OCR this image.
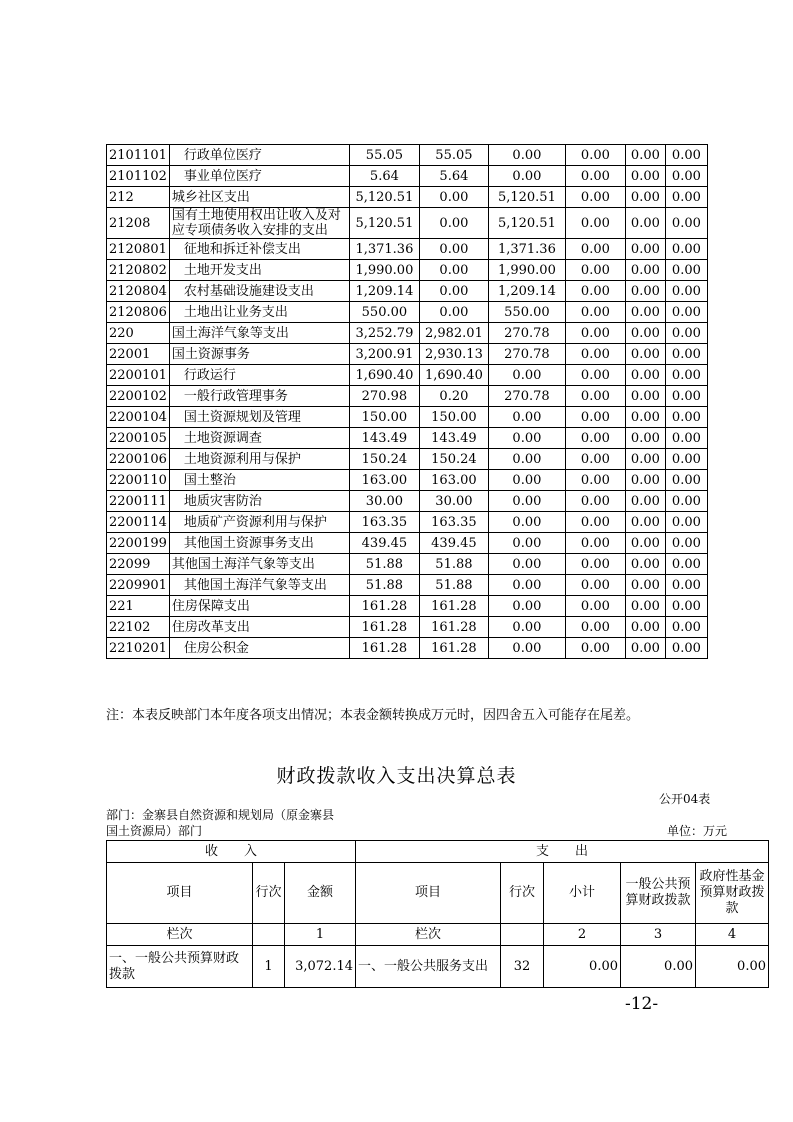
2101101	行政单位医疗	55.05	55.05	0.00	0.00	0.00	0.00
2101102	事业单位医疗	5.64	5.64	0.00	0.00	0.00	0.00
212	城乡社区支出	5,120.51	0.00	5,120.51	0.00	0.00	0.00
21208	国有土地使用权出让收入及对应专项债务收入安排的支出	5,120.51	0.00	5,120.51	0.00	0.00	0.00
2120801	征地和拆迁补偿支出	1,371.36	0.00	1,371.36	0.00	0.00	0.00
2120802	土地开发支出	1,990.00	0.00	1,990.00	0.00	0.00	0.00
2120804	农村基础设施建设支出	1,209.14	0.00	1,209.14	0.00	0.00	0.00
2120806	土地出让业务支出	550.00	0.00	550.00	0.00	0.00	0.00
220	国土海洋气象等支出	3,252.79	2,982.01	270.78	0.00	0.00	0.00
22001	国土资源事务	3,200.91	2,930.13	270.78	0.00	0.00	0.00
2200101	行政运行	1,690.40	1,690.40	0.00	0.00	0.00	0.00
2200102	一般行政管理事务	270.98	0.20	270.78	0.00	0.00	0.00
2200104	国土资源规划及管理	150.00	150.00	0.00	0.00	0.00	0.00
2200105	土地资源调查	143.49	143.49	0.00	0.00	0.00	0.00
2200106	土地资源利用与保护	150.24	150.24	0.00	0.00	0.00	0.00
2200110	国土整治	163.00	163.00	0.00	0.00	0.00	0.00
2200111	地质灾害防治	30.00	30.00	0.00	0.00	0.00	0.00
2200114	地质矿产资源利用与保护	163.35	163.35	0.00	0.00	0.00	0.00
2200199	其他国土资源事务支出	439.45	439.45	0.00	0.00	0.00	0.00
22099	其他国土海洋气象等支出	51.88	51.88	0.00	0.00	0.00	0.00
2209901	其他国土海洋气象等支出	51.88	51.88	0.00	0.00	0.00	0.00
221	住房保障支出	161.28	161.28	0.00	0.00	0.00	0.00
22102	住房改革支出	161.28	161.28	0.00	0.00	0.00	0.00
2210201	住房公积金	161.28	161.28	0.00	0.00	0.00	0.00
注：本表反映部门本年度各项支出情况；本表金额转换成万元时，因四舍五入可能存在尾差。
财政拨款收入支出决算总表
公开04表
部门：金寨县自然资源和规划局（原金寨县
国土资源局）部门	单位：万元
收　　入			支　　出				
项目	行次	金额	项目	行次	小计	一般公共预算财政拨款	政府性基金预算财政拨款
栏次		1	栏次		2	3	4
一、一般公共预算财政拨款	1	3,072.14	一、一般公共服务支出	32	0.00	0.00	0.00
-12-
